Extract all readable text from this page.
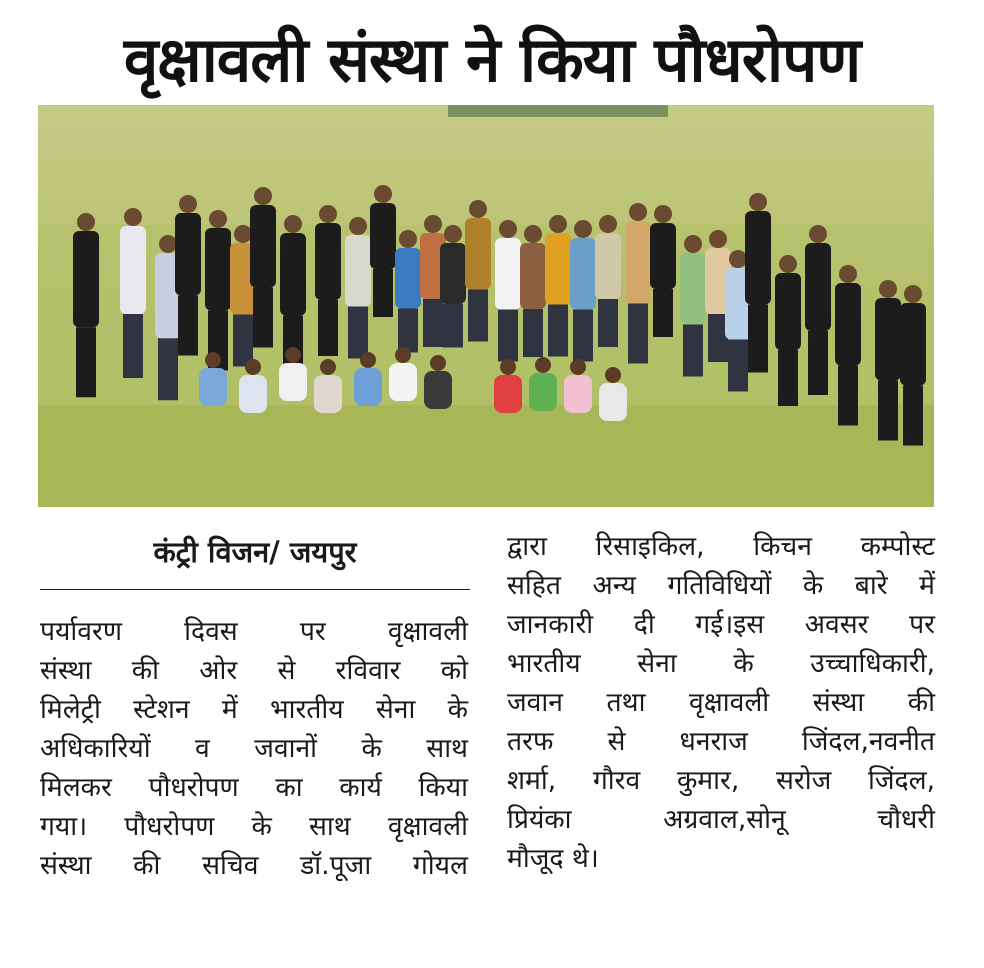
वृक्षावली संस्था ने किया पौधरोपण
कंट्री विजन/ जयपुर
पर्यावरण दिवस पर वृक्षावली
संस्था की ओर से रविवार को
मिलेट्री स्टेशन में भारतीय सेना के
अधिकारियों व जवानों के साथ
मिलकर पौधरोपण का कार्य किया
गया। पौधरोपण के साथ वृक्षावली
संस्था की सचिव डॉ.पूजा गोयल
द्वारा रिसाइकिल, किचन कम्पोस्ट
सहित अन्य गतिविधियों के बारे में
जानकारी दी गई।इस अवसर पर
भारतीय सेना के उच्चाधिकारी,
जवान तथा वृक्षावली संस्था की
तरफ से धनराज जिंदल,नवनीत
शर्मा, गौरव कुमार, सरोज जिंदल,
प्रियंका अग्रवाल,सोनू चौधरी
मौजूद थे।
